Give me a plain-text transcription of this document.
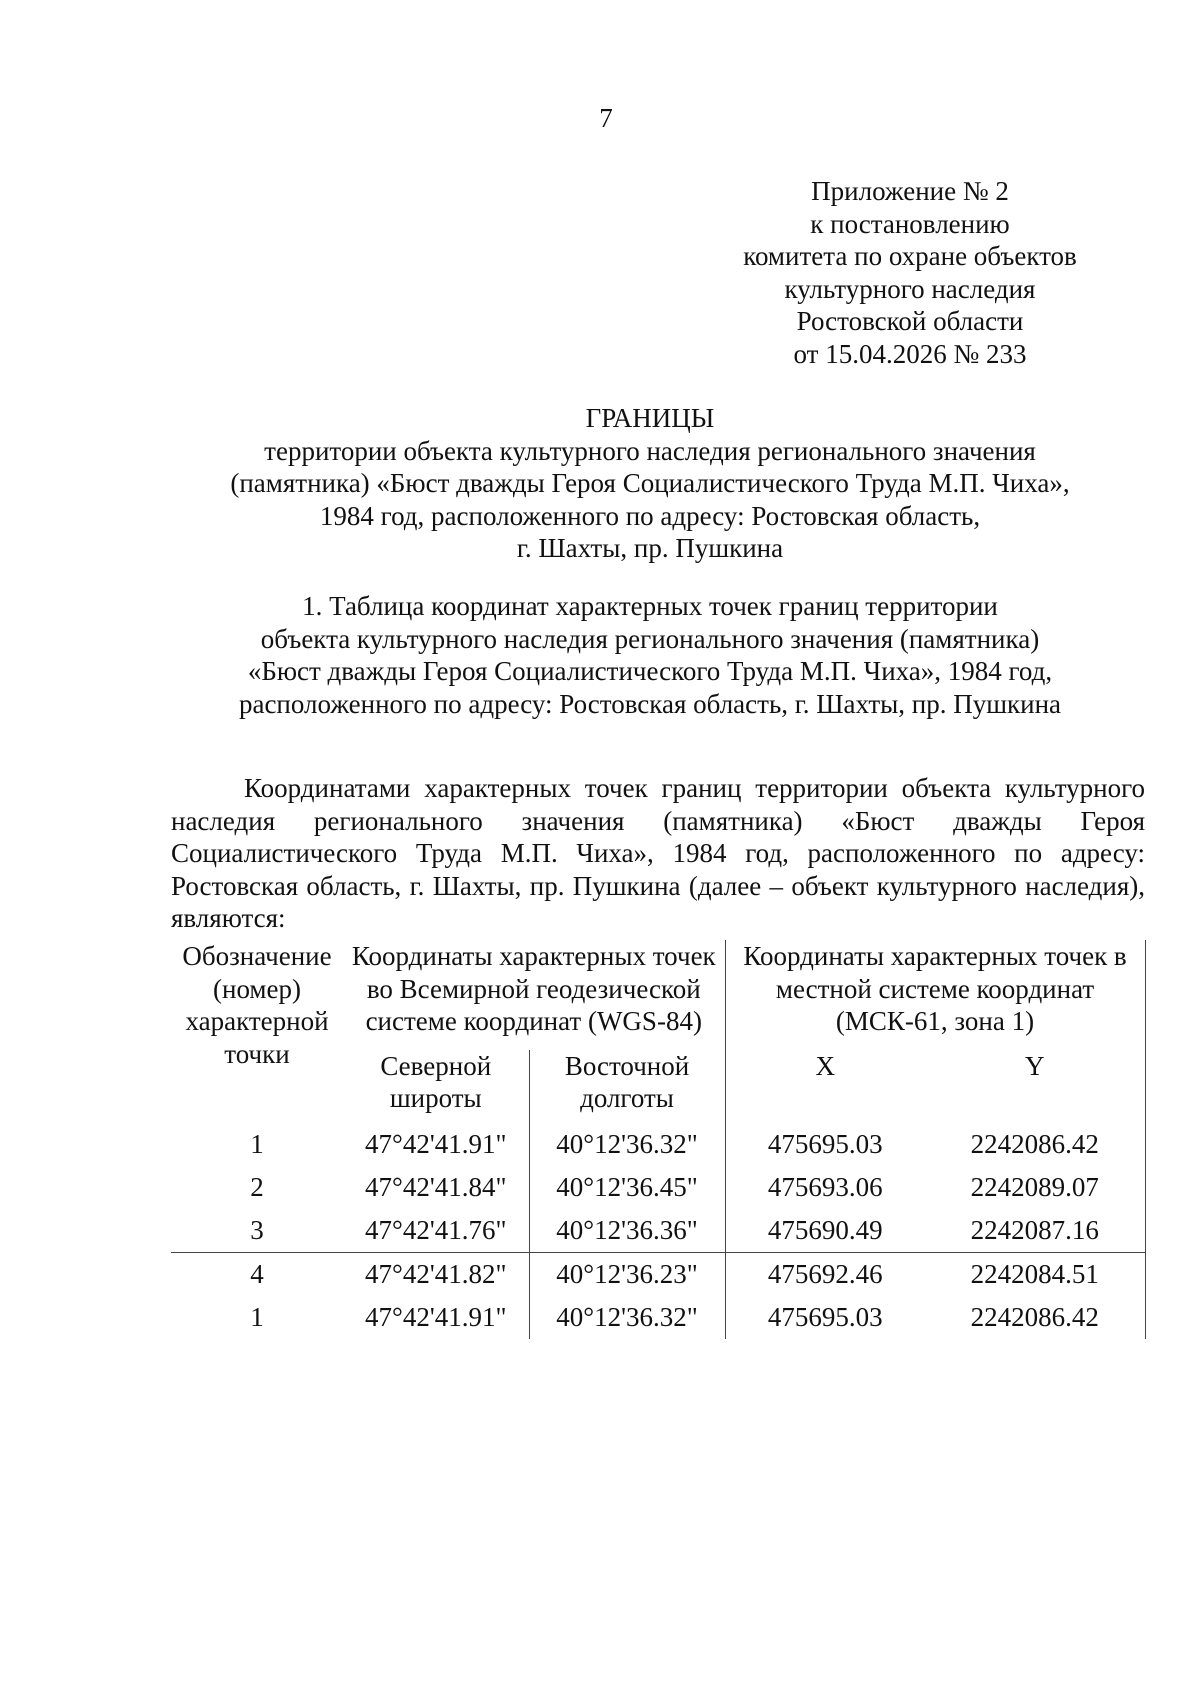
7
Приложение № 2
к постановлению
комитета по охране объектов
культурного наследия
Ростовской области
от 15.04.2026 № 233
ГРАНИЦЫ
территории объекта культурного наследия регионального значения
(памятника) «Бюст дважды Героя Социалистического Труда М.П. Чиха»,
1984 год, расположенного по адресу: Ростовская область,
г. Шахты, пр. Пушкина
1. Таблица координат характерных точек границ территории
объекта культурного наследия регионального значения (памятника)
«Бюст дважды Героя Социалистического Труда М.П. Чиха», 1984 год,
расположенного по адресу: Ростовская область, г. Шахты, пр. Пушкина

Координатами характерных точек границ территории объекта культурного наследия регионального значения (памятника) «Бюст дважды Героя Социалистического Труда М.П. Чиха», 1984 год, расположенного по адресу: Ростовская область, г. Шахты, пр. Пушкина (далее – объект культурного наследия), являются:

Обозначение (номер) характерной точки	Координаты характерных точек во Всемирной геодезической системе координат (WGS-84)		Координаты характерных точек в местной системе координат (МСК-61, зона 1)	
	Северной широты	Восточной долготы	X	Y
1	47°42'41.91"	40°12'36.32"	475695.03	2242086.42
2	47°42'41.84"	40°12'36.45"	475693.06	2242089.07
3	47°42'41.76"	40°12'36.36"	475690.49	2242087.16
4	47°42'41.82"	40°12'36.23"	475692.46	2242084.51
1	47°42'41.91"	40°12'36.32"	475695.03	2242086.42
